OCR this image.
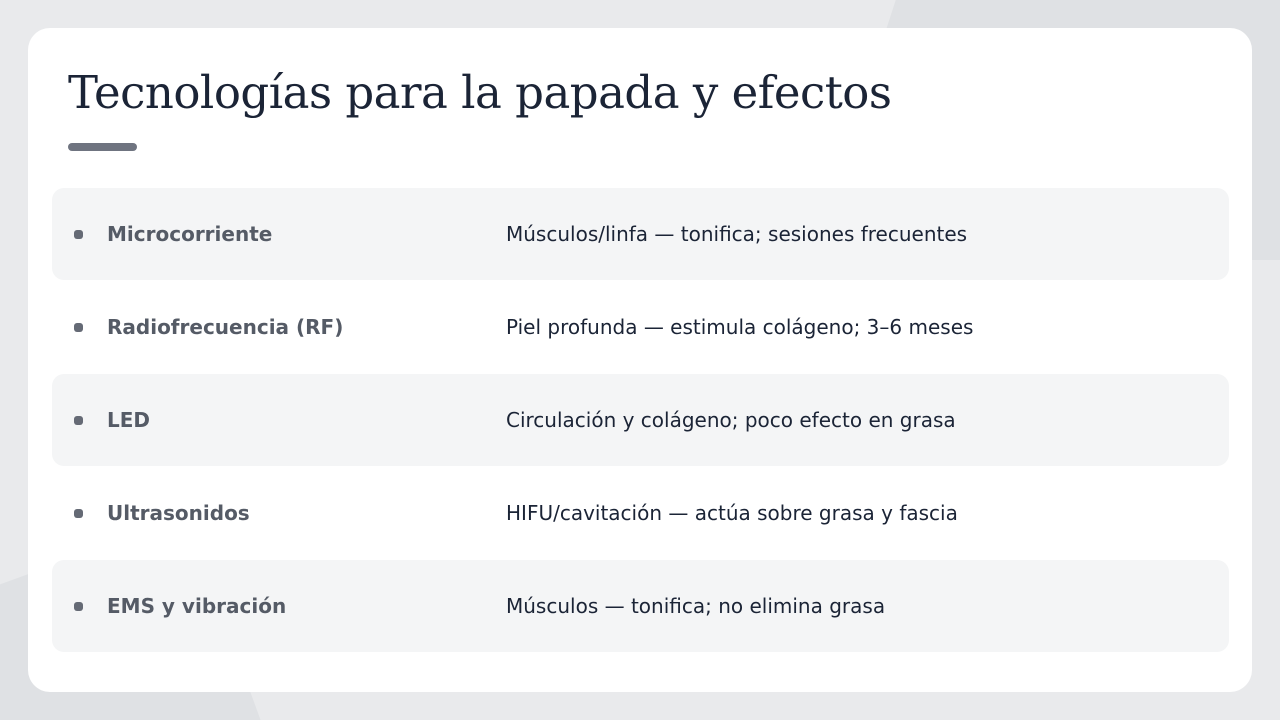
Tecnologías para la papada y efectos
Microcorriente	Músculos/linfa — tonifica; sesiones frecuentes
Radiofrecuencia (RF)	Piel profunda — estimula colágeno; 3–6 meses
LED	Circulación y colágeno; poco efecto en grasa
Ultrasonidos	HIFU/cavitación — actúa sobre grasa y fascia
EMS y vibración	Músculos — tonifica; no elimina grasa
